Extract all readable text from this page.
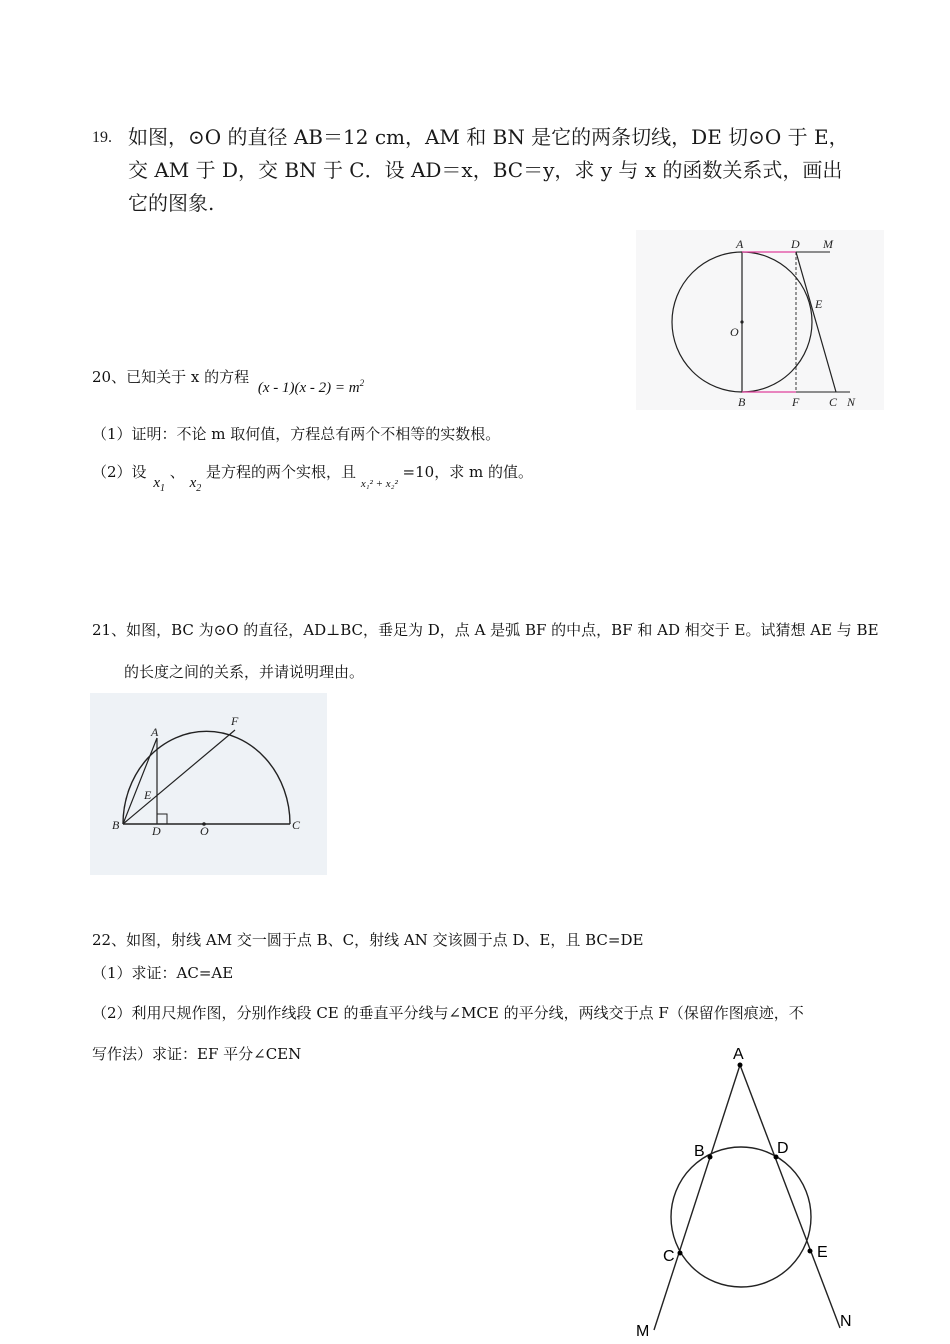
19. 如图，⊙O 的直径 AB＝12 cm，AM 和 BN 是它的两条切线，DE 切⊙O 于 E，
交 AM 于 D，交 BN 于 C．设 AD＝x，BC＝y，求 y 与 x 的函数关系式，画出
它的图象.
A	D M
E
O
B	F C N
20、已知关于 x 的方程 $(x - 1)(x - 2) = m^2$
（1）证明：不论 m 取何值，方程总有两个不相等的实数根。
（2）设 $x_1$ 、 $x_2$ 是方程的两个实根，且 $_{x_1^2 + x_2^2}$ =10，求 m 的值。
21、如图，BC 为⊙O 的直径，AD⊥BC，垂足为 D，点 A 是弧 BF 的中点，BF 和 AD 相交于 E。试猜想 AE 与 BE
的长度之间的关系，并请说明理由。
A
F
E
B	D	O	C
22、如图，射线 AM 交一圆于点 B、C，射线 AN 交该圆于点 D、E，且 BC=DE
（1）求证：AC=AE
（2）利用尺规作图，分别作线段 CE 的垂直平分线与∠MCE 的平分线，两线交于点 F（保留作图痕迹，不
写作法）求证：EF 平分∠CEN	A
B	D
C	E
M
N
